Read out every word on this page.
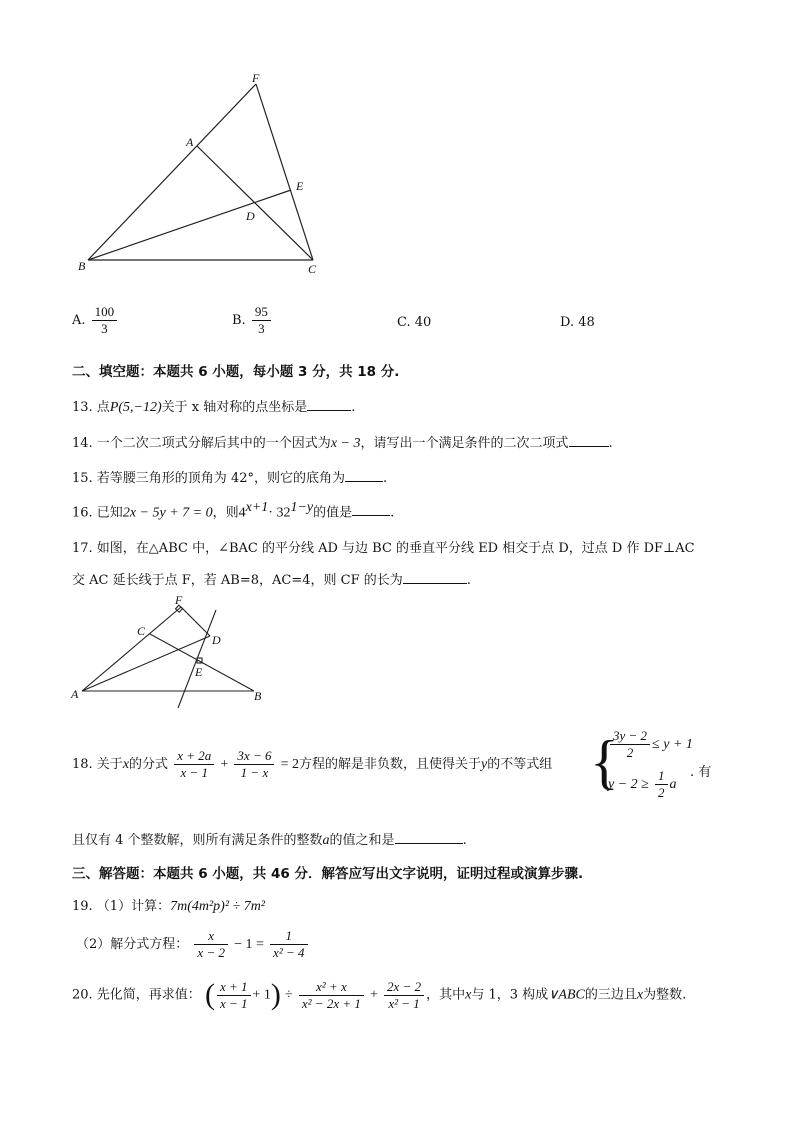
F
A
E
D
B	C
A. $\frac{100}{3}$	B. $\frac{95}{3}$	C. 40	D. 48
二、填空题：本题共 6 小题，每小题 3 分，共 18 分.
13. 点P(5,−12)关于 x 轴对称的点坐标是	.
14. 一个二次二项式分解后其中的一个因式为x − 3，请写出一个满足条件的二次二项式	.
15. 若等腰三角形的顶角为 42°，则它的底角为	.
16. 已知2x − 5y + 7 = 0，则$4^{x+1}\cdot 32^{1-y}$的值是	.
17. 如图，在△ABC 中，∠BAC 的平分线 AD 与边 BC 的垂直平分线 ED 相交于点 D，过点 D 作 DF⊥AC
交 AC 延长线于点 F，若 AB=8，AC=4，则 CF 的长为	.
F
C
D
E
A	B
18. 关于x的分式 $\frac{x + 2a}{x - 1} + \frac{3x - 6}{1 - x} = 2$方程的解是非负数，且使得关于y的不等式组 {
$\frac{3y - 2}{2} \le y + 1$
$y - 2 \ge \frac{1}{2}$ a
. 有
且仅有 4 个整数解，则所有满足条件的整数a的值之和是	.
三、解答题：本题共 6 小题，共 46 分．解答应写出文字说明，证明过程或演算步骤.
19. （1）计算：7m(4m²p)² ÷ 7m²
（2）解分式方程： $\frac{x}{x - 2} - 1 = \frac{1}{\text{x² − 4}}$
20. 先化简，再求值： ( $\frac{x + 1}{x - 1} + 1) \div \frac{\text{x² + x}}{\text{x² − 2x + 1}} + \frac{2x - 2}{\text{x² − 1}}$ ，其中x与 1，3 构成∨ABC的三边且x为整数.
